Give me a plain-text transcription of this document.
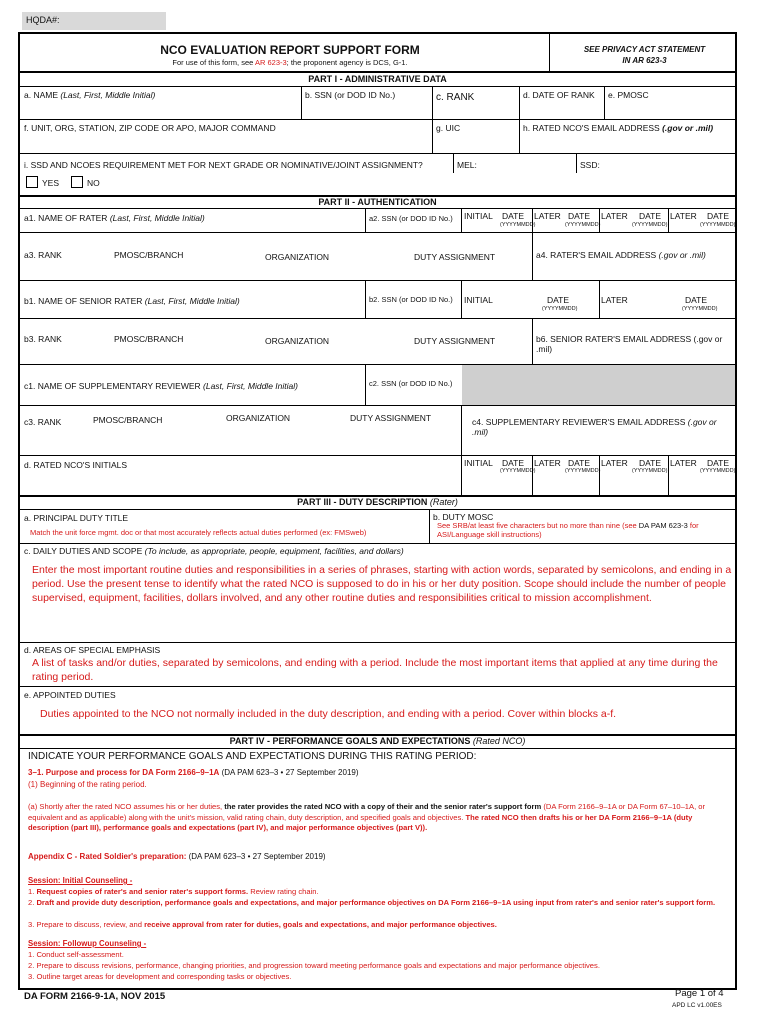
HQDA#:
NCO EVALUATION REPORT SUPPORT FORM
For use of this form, see AR 623-3; the proponent agency is DCS, G-1.
SEE PRIVACY ACT STATEMENT
IN AR 623-3
PART I - ADMINISTRATIVE DATA
a. NAME (Last, First, Middle Initial)	b. SSN (or DOD ID No.)	c. RANK	d. DATE OF RANK e. PMOSC
f. UNIT, ORG, STATION, ZIP CODE OR APO, MAJOR COMMAND	g. UIC	h. RATED NCO'S EMAIL ADDRESS (.gov or .mil)
i. SSD AND NCOES REQUIREMENT MET FOR NEXT GRADE OR NOMINATIVE/JOINT ASSIGNMENT?	MEL:	SSD:
YES	NO
PART II - AUTHENTICATION
a1. NAME OF RATER (Last, First, Middle Initial)	a2. SSN (or DOD ID No.) INITIAL DATE
(YYYYMMDD)
LATER DATE
(YYYYMMDD)
LATER DATE
(YYYYMMDD)
LATER DATE
(YYYYMMDD)
a3. RANK	PMOSC/BRANCH	ORGANIZATION	DUTY ASSIGNMENT	a4. RATER'S EMAIL ADDRESS (.gov or .mil)
b1. NAME OF SENIOR RATER (Last, First, Middle Initial)	b2. SSN (or DOD ID No.) INITIAL	DATE
(YYYYMMDD)
LATER	DATE
(YYYYMMDD)
b3. RANK	PMOSC/BRANCH	ORGANIZATION	DUTY ASSIGNMENT	b6. SENIOR RATER'S EMAIL ADDRESS (.gov or .mil)
c1. NAME OF SUPPLEMENTARY REVIEWER (Last, First, Middle Initial)	c2. SSN (or DOD ID No.)
c3. RANK	PMOSC/BRANCH	ORGANIZATION	DUTY ASSIGNMENT	c4. SUPPLEMENTARY REVIEWER'S EMAIL ADDRESS (.gov or .mil)
d. RATED NCO'S INITIALS	INITIAL DATE
(YYYYMMDD)
LATER DATE
(YYYYMMDD)
LATER DATE
(YYYYMMDD)
LATER DATE
(YYYYMMDD)
PART III - DUTY DESCRIPTION (Rater)
a. PRINCIPAL DUTY TITLE
Match the unit force mgmt. doc or that most accurately reflects actual duties performed (ex: FMSweb)
b. DUTY MOSC
See SRB/at least five characters but no more than nine (see DA PAM 623-3 for ASI/Language skill instructions)
c. DAILY DUTIES AND SCOPE (To include, as appropriate, people, equipment, facilities, and dollars)
Enter the most important routine duties and responsibilities in a series of phrases, starting with action words, separated by semicolons, and ending in a period. Use the present tense to identify what the rated NCO is supposed to do in his or her duty position. Scope should include the number of people supervised, equipment, facilities, dollars involved, and any other routine duties and responsibilities critical to mission accomplishment.
d. AREAS OF SPECIAL EMPHASIS
A list of tasks and/or duties, separated by semicolons, and ending with a period. Include the most important items that applied at any time during the rating period.
e. APPOINTED DUTIES
Duties appointed to the NCO not normally included in the duty description, and ending with a period. Cover within blocks a-f.
PART IV - PERFORMANCE GOALS AND EXPECTATIONS (Rated NCO)
INDICATE YOUR PERFORMANCE GOALS AND EXPECTATIONS DURING THIS RATING PERIOD:
3–1. Purpose and process for DA Form 2166–9–1A (DA PAM 623–3 • 27 September 2019)
(1) Beginning of the rating period.
(a) Shortly after the rated NCO assumes his or her duties, the rater provides the rated NCO with a copy of their and the senior rater's support form (DA Form 2166–9–1A or DA Form 67–10–1A, or equivalent and as applicable) along with the unit's mission, valid rating chain, duty description, and specified goals and objectives. The rated NCO then drafts his or her DA Form 2166–9–1A (duty description (part III), performance goals and expectations (part IV), and major performance objectives (part V)).
Appendix C - Rated Soldier's preparation: (DA PAM 623–3 • 27 September 2019)
Session: Initial Counseling -
1. Request copies of rater's and senior rater's support forms. Review rating chain.
2. Draft and provide duty description, performance goals and expectations, and major performance objectives on DA Form 2166–9–1A using input from rater's and senior rater's support form.
3. Prepare to discuss, review, and receive approval from rater for duties, goals and expectations, and major performance objectives.
Session: Followup Counseling -
1. Conduct self-assessment.
2. Prepare to discuss revisions, performance, changing priorities, and progression toward meeting performance goals and expectations and major performance objectives.
3. Outline target areas for development and corresponding tasks or objectives.
DA FORM 2166-9-1A, NOV 2015	Page 1 of 4
APD LC v1.00ES
